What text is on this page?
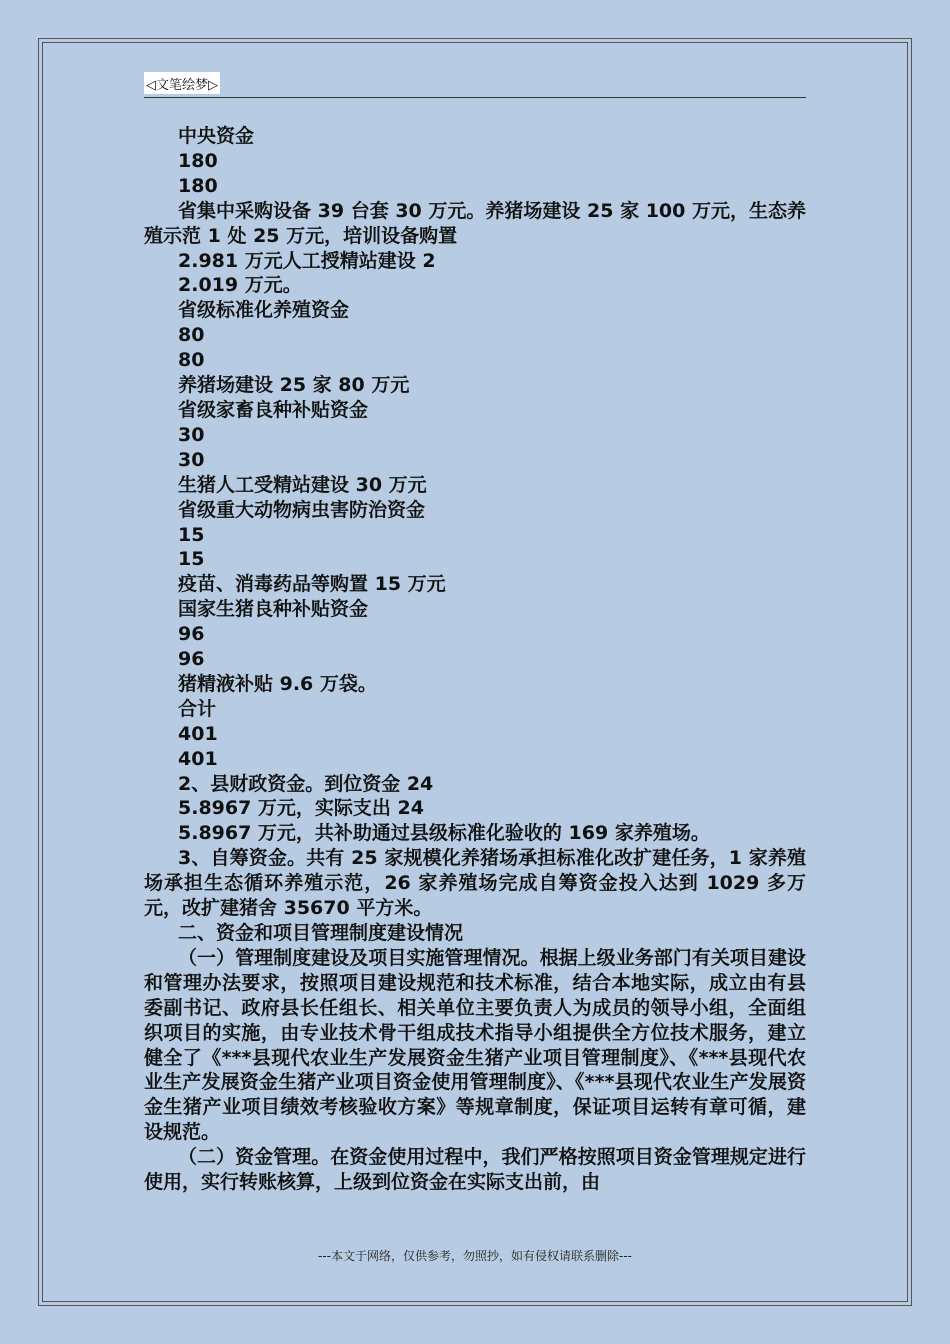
◁文笔绘梦▷

中央资金

180

180

省集中采购设备 39 台套 30 万元。养猪场建设 25 家 100 万元，生态养殖示范 1 处 25 万元，培训设备购置

2.981 万元人工授精站建设 2

2.019 万元。

省级标准化养殖资金

80

80

养猪场建设 25 家 80 万元

省级家畜良种补贴资金

30

30

生猪人工受精站建设 30 万元

省级重大动物病虫害防治资金

15

15

疫苗、消毒药品等购置 15 万元

国家生猪良种补贴资金

96

96

猪精液补贴 9.6 万袋。

合计

401

401

2、县财政资金。到位资金 24

5.8967 万元，实际支出 24

5.8967 万元，共补助通过县级标准化验收的 169 家养殖场。

3、自筹资金。共有 25 家规模化养猪场承担标准化改扩建任务，1 家养殖场承担生态循环养殖示范，26 家养殖场完成自筹资金投入达到 1029 多万元，改扩建猪舍 35670 平方米。

二、资金和项目管理制度建设情况

（一）管理制度建设及项目实施管理情况。根据上级业务部门有关项目建设和管理办法要求，按照项目建设规范和技术标准，结合本地实际，成立由有县委副书记、政府县长任组长、相关单位主要负责人为成员的领导小组，全面组织项目的实施，由专业技术骨干组成技术指导小组提供全方位技术服务，建立健全了《***县现代农业生产发展资金生猪产业项目管理制度》、《***县现代农业生产发展资金生猪产业项目资金使用管理制度》、《***县现代农业生产发展资金生猪产业项目绩效考核验收方案》等规章制度，保证项目运转有章可循，建设规范。

（二）资金管理。在资金使用过程中，我们严格按照项目资金管理规定进行使用，实行转账核算，上级到位资金在实际支出前，由

---本文于网络，仅供参考，勿照抄，如有侵权请联系删除---
